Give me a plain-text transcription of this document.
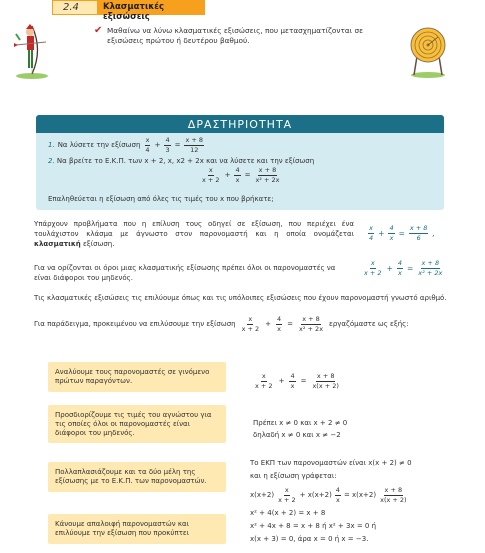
2.4	Κλασματικές εξισώσεις
✔ Μαθαίνω να λύνω κλασματικές εξισώσεις, που μετασχηματίζονται σε εξισώσεις πρώτου ή δευτέρου βαθμού.
ΔΡΑΣΤΗΡΙΟΤΗΤΑ
1. Να λύσετε την εξίσωση $\frac{x}{4} + \frac{4}{3} = \frac{x + 8}{12}$
2. Να βρείτε το Ε.Κ.Π. των x + 2, x, x2 + 2x και να λύσετε και την εξίσωση
$\frac{x}{x + 2} + \frac{4}{x} = \frac{x + 8}{\text{x² + 2x}}$
Επαληθεύεται η εξίσωση από όλες τις τιμές του x που βρήκατε;
Υπάρχουν προβλήματα που η επίλυση τους οδηγεί σε εξίσωση, που περιέχει ένα τουλάχιστον κλάσμα με άγνωστο στον παρονομαστή και η οποία ονομάζεται κλασματική εξίσωση.
$\frac{x}{4} + \frac{4}{x} = \frac{x + 8}{6}$ ,
Για να ορίζονται οι όροι μιας κλασματικής εξίσωσης πρέπει όλοι οι παρονομαστές να είναι διάφοροι του μηδενός.
$\frac{x}{x + 2} + \frac{4}{x} = \frac{x + 8}{\text{x² + 2x}}$
Τις κλασματικές εξισώσεις τις επιλύουμε όπως και τις υπόλοιπες εξισώσεις που έχουν παρονομαστή γνωστό αριθμό.
Για παράδειγμα, προκειμένου να επιλύσουμε την εξίσωση $\frac{x}{x + 2} + \frac{4}{x} = \frac{x + 8}{\text{x² + 2x}}$ εργαζόμαστε ως εξής:
Αναλύουμε τους παρονομαστές σε γινόμενο πρώτων παραγόντων.
Προσδιορίζουμε τις τιμές του αγνώστου για τις οποίες όλοι οι παρονομαστές είναι διάφοροι του μηδενός.
Πολλαπλασιάζουμε και τα δύο μέλη της εξίσωσης με το Ε.Κ.Π. των παρονομαστών.
Κάνουμε απαλοιφή παρονομαστών και επιλύουμε την εξίσωση που προκύπτει
$\frac{x}{x + 2} + \frac{4}{x} = \frac{x + 8}{x(x + 2)}$
Πρέπει x ≠ 0 και x + 2 ≠ 0
δηλαδή x ≠ 0 και x ≠ −2
Το ΕΚΠ των παρονομαστών είναι x(x + 2) ≠ 0
και η εξίσωση γράφεται:
$x(x+2) \frac{x}{x + 2} + x(x+2) \frac{4}{x} = x(x+2) \frac{x + 8}{x(x + 2)}$
x² + 4(x + 2) = x + 8
x² + 4x + 8 = x + 8 ή x² + 3x = 0 ή
x(x + 3) = 0, άρα x = 0 ή x = −3.
